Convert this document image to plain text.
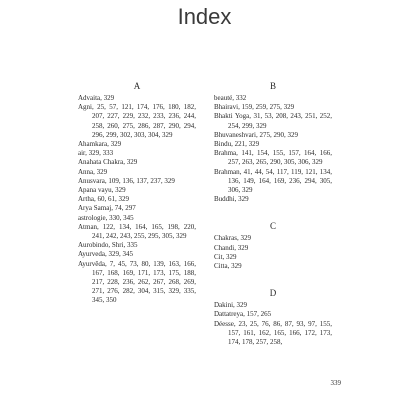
Index
A

Advaita, 329

Agni, 25, 57, 121, 174, 176, 180, 182, 207, 227, 229, 232, 233, 236, 244, 258, 260, 275, 286, 287, 290, 294, 296, 299, 302, 303, 304, 329

Ahamkara, 329

air, 329, 333

Anahata Chakra, 329

Anna, 329

Anusvara, 109, 136, 137, 237, 329

Apana vayu, 329

Artha, 60, 61, 329

Arya Samaj, 74, 297

astrologie, 330, 345

Atman, 122, 134, 164, 165, 198, 220, 241, 242, 243, 255, 295, 305, 329

Aurobindo, Shri, 335

Ayurveda, 329, 345

Ayurvêda, 7, 45, 73, 80, 139, 163, 166, 167, 168, 169, 171, 173, 175, 188, 217, 228, 236, 262, 267, 268, 269, 271, 276, 282, 304, 315, 329, 335, 345, 350

B

beauté, 332

Bhairavi, 159, 259, 275, 329

Bhakti Yoga, 31, 53, 208, 243, 251, 252, 254, 299, 329

Bhuvaneshvari, 275, 290, 329

Bindu, 221, 329

Brahma, 141, 154, 155, 157, 164, 166, 257, 263, 265, 290, 305, 306, 329

Brahman, 41, 44, 54, 117, 119, 121, 134, 136, 149, 164, 169, 236, 294, 305, 306, 329

Buddhi, 329

C

Chakras, 329

Chandi, 329

Cit, 329

Citta, 329

D

Dakini, 329

Dattatreya, 157, 265

Déesse, 23, 25, 76, 86, 87, 93, 97, 155, 157, 161, 162, 165, 166, 172, 173, 174, 178, 257, 258,

339
